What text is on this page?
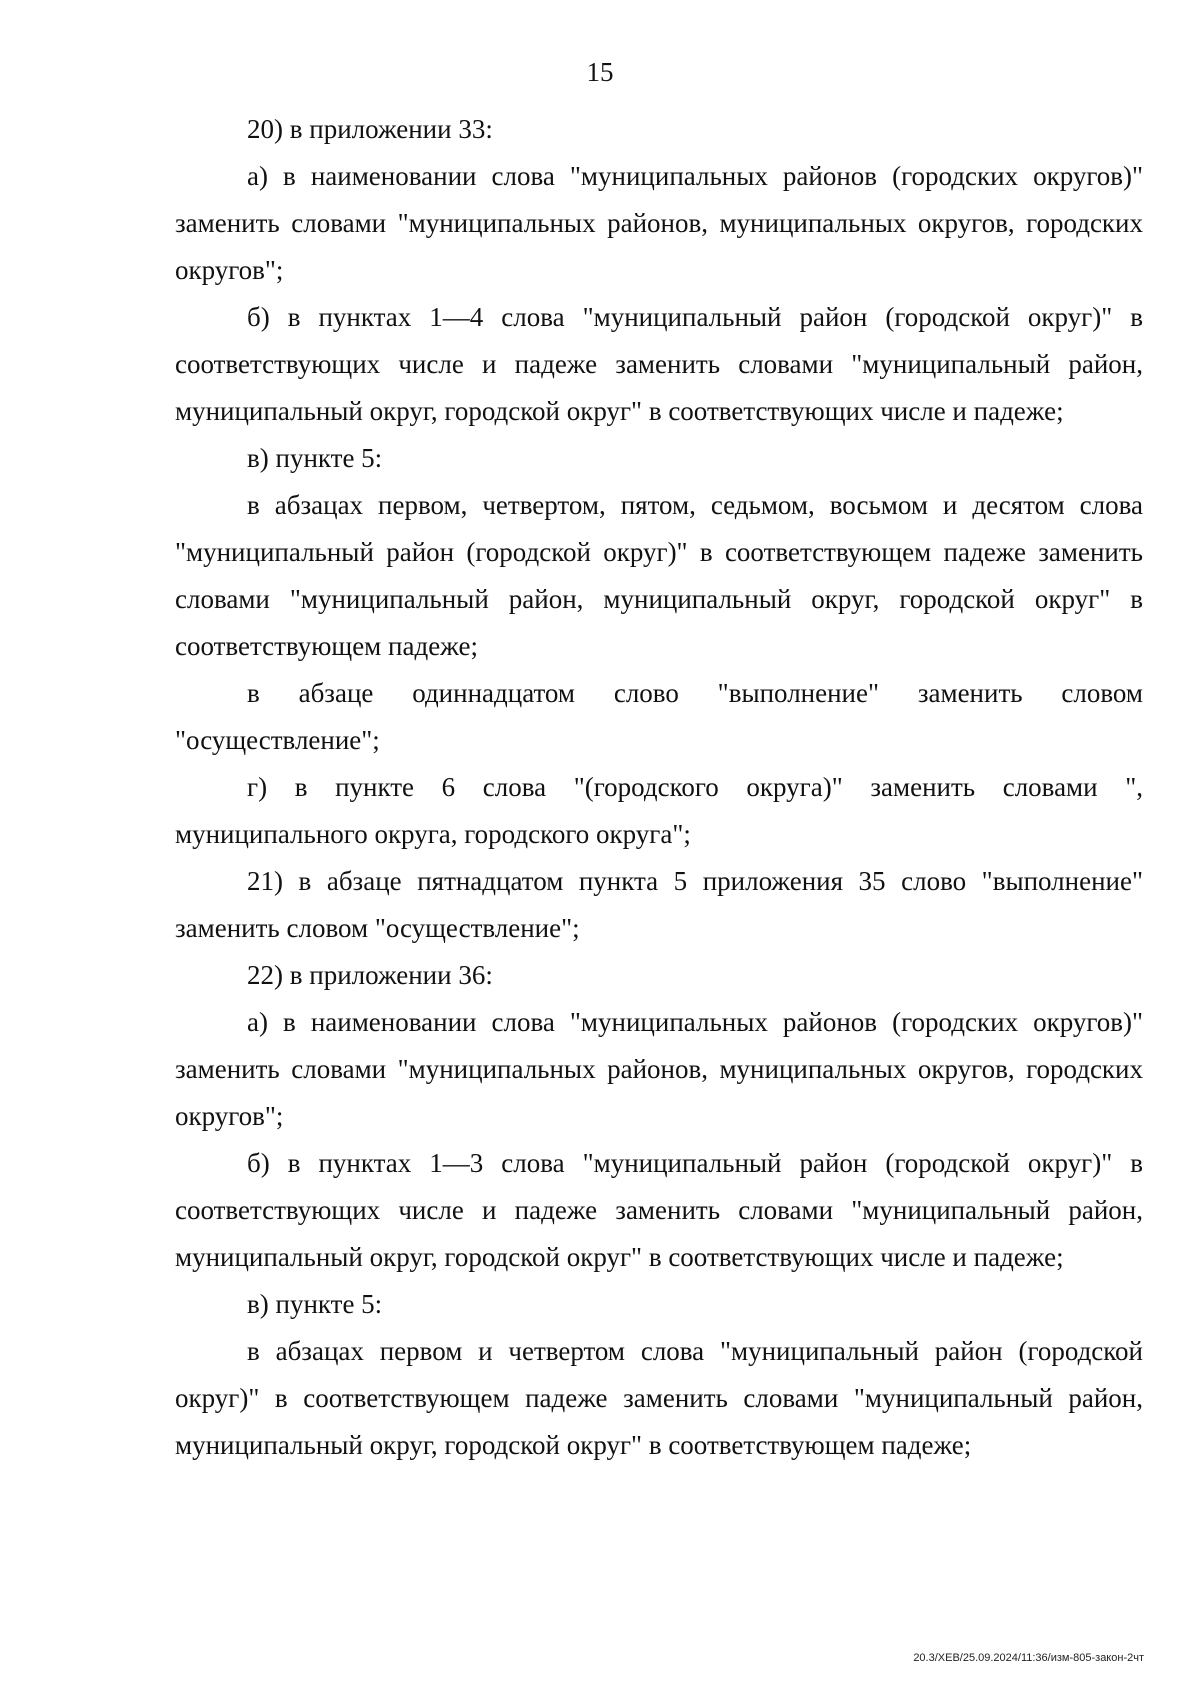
15

20) в приложении 33:

а) в наименовании слова "муниципальных районов (городских округов)" заменить словами "муниципальных районов, муниципальных округов, городских округов";

б) в пунктах 1—4 слова "муниципальный район (городской округ)" в соответствующих числе и падеже заменить словами "муниципальный район, муниципальный округ, городской округ" в соответствующих числе и падеже;

в) пункте 5:

в абзацах первом, четвертом, пятом, седьмом, восьмом и десятом слова "муниципальный район (городской округ)" в соответствующем падеже заменить словами "муниципальный район, муниципальный округ, городской округ" в соответствующем падеже;

в абзаце одиннадцатом слово "выполнение" заменить словом "осуществление";

г) в пункте 6 слова "(городского округа)" заменить словами ", муниципального округа, городского округа";

21) в абзаце пятнадцатом пункта 5 приложения 35 слово "выполнение" заменить словом "осуществление";

22) в приложении 36:

а) в наименовании слова "муниципальных районов (городских округов)" заменить словами "муниципальных районов, муниципальных округов, городских округов";

б) в пунктах 1—3 слова "муниципальный район (городской округ)" в соответствующих числе и падеже заменить словами "муниципальный район, муниципальный округ, городской округ" в соответствующих числе и падеже;

в) пункте 5:

в абзацах первом и четвертом слова "муниципальный район (городской округ)" в соответствующем падеже заменить словами "муниципальный район, муниципальный округ, городской округ" в соответствующем падеже;

20.3/ХЕВ/25.09.2024/11:36/изм-805-закон-2чт
